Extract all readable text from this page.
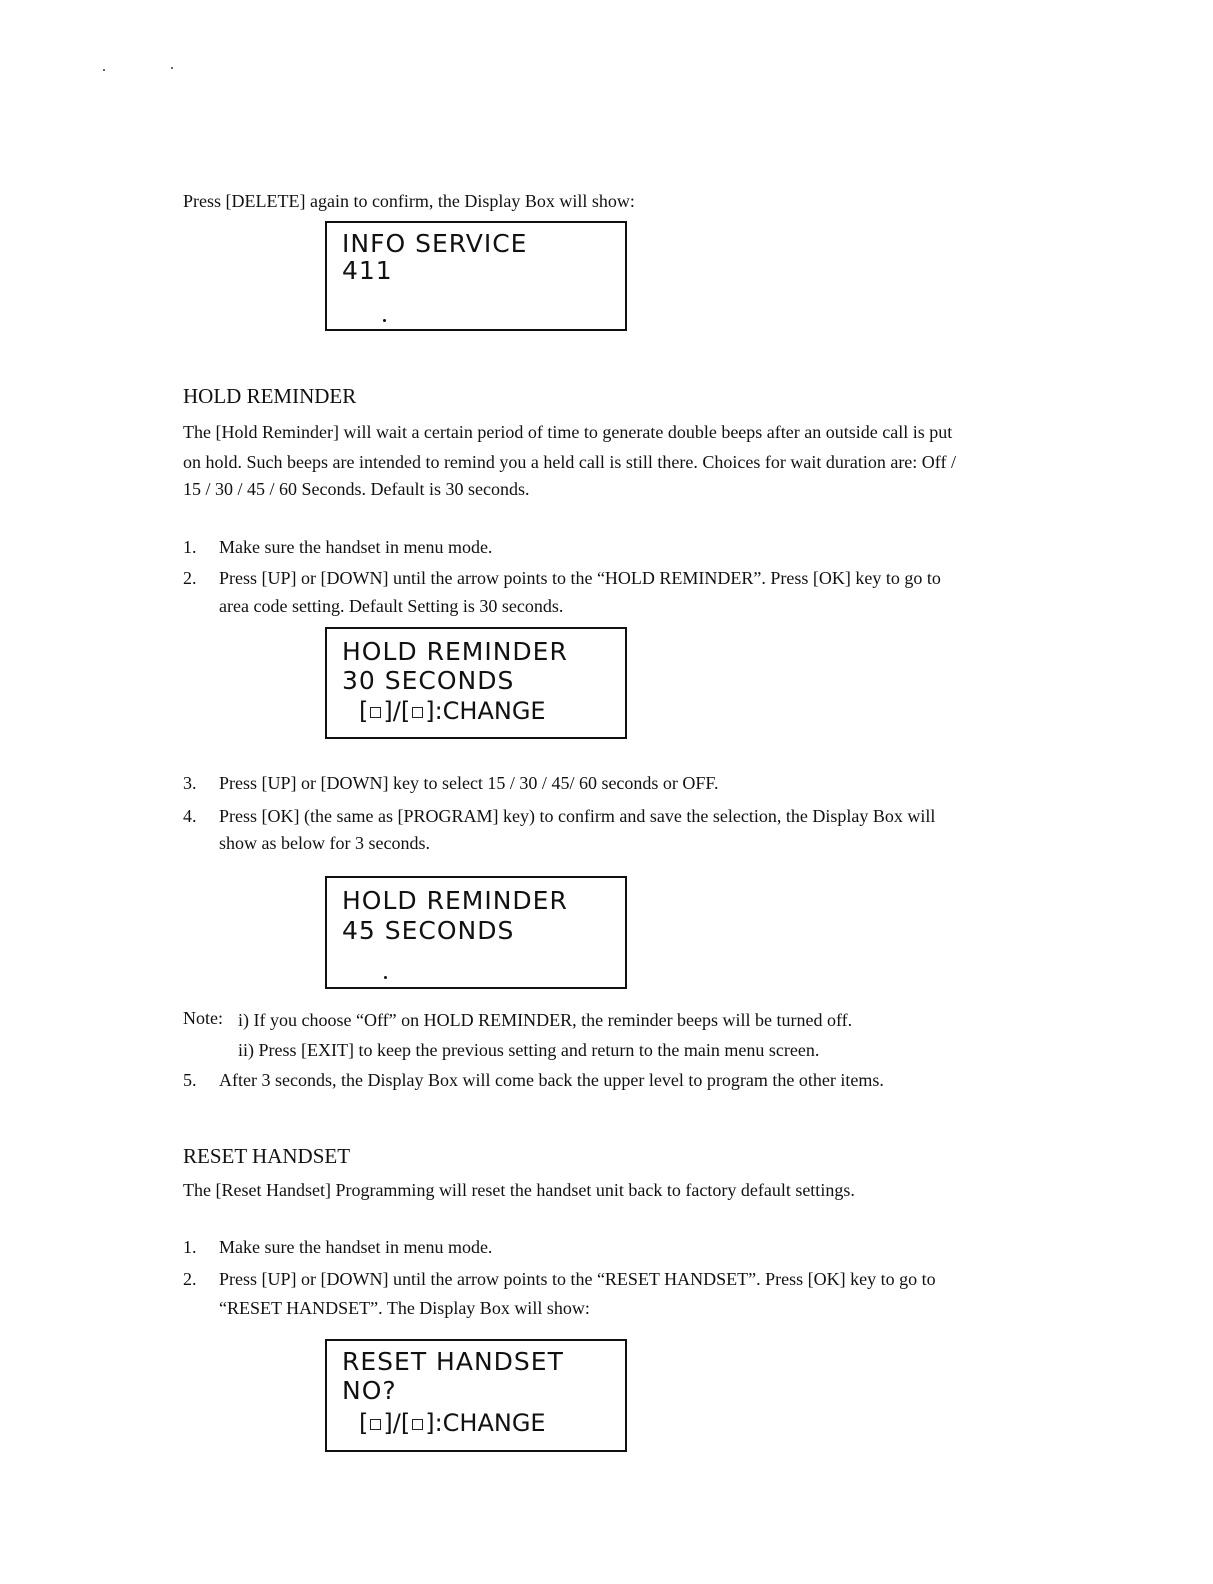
Press [DELETE] again to confirm, the Display Box will show:
INFO SERVICE
411
HOLD REMINDER
The [Hold Reminder] will wait a certain period of time to generate double beeps after an outside call is put
on hold. Such beeps are intended to remind you a held call is still there. Choices for wait duration are: Off /
15 / 30 / 45 / 60 Seconds. Default is 30 seconds.
1.	Make sure the handset in menu mode.
2.	Press [UP] or [DOWN] until the arrow points to the “HOLD REMINDER”. Press [OK] key to go to
area code setting. Default Setting is 30 seconds.
HOLD REMINDER
30 SECONDS
[ ]/[ ]:CHANGE
3.	Press [UP] or [DOWN] key to select 15 / 30 / 45/ 60 seconds or OFF.
4.	Press [OK] (the same as [PROGRAM] key) to confirm and save the selection, the Display Box will
show as below for 3 seconds.
HOLD REMINDER
45 SECONDS
Note: i) If you choose “Off” on HOLD REMINDER, the reminder beeps will be turned off.
ii) Press [EXIT] to keep the previous setting and return to the main menu screen.
5.	After 3 seconds, the Display Box will come back the upper level to program the other items.
RESET HANDSET
The [Reset Handset] Programming will reset the handset unit back to factory default settings.
1.	Make sure the handset in menu mode.
2.	Press [UP] or [DOWN] until the arrow points to the “RESET HANDSET”. Press [OK] key to go to
“RESET HANDSET”. The Display Box will show:
RESET HANDSET
NO?
[ ]/[ ]:CHANGE
